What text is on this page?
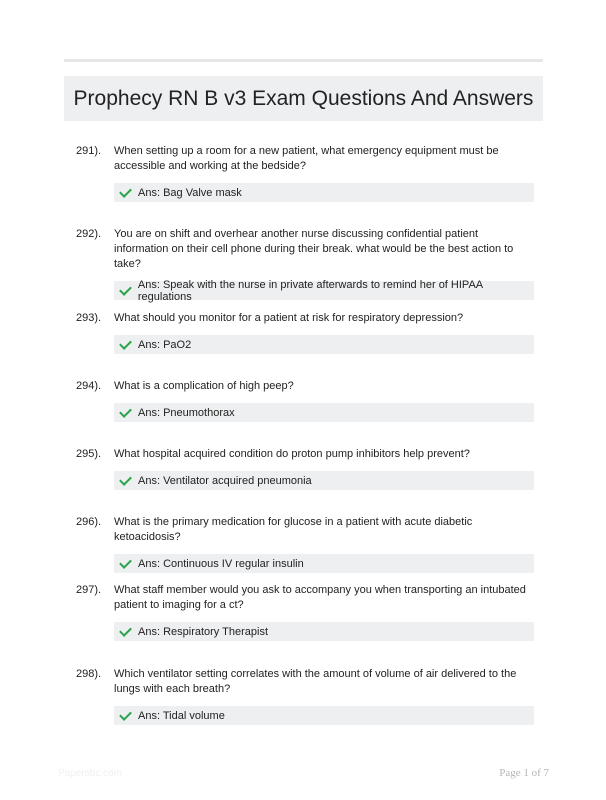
Prophecy RN B v3 Exam Questions And Answers
291).	When setting up a room for a new patient, what emergency equipment must be accessible and working at the bedside?
Ans: Bag Valve mask
292).	You are on shift and overhear another nurse discussing confidential patient information on their cell phone during their break. what would be the best action to take?
Ans: Speak with the nurse in private afterwards to remind her of HIPAA regulations
293).	What should you monitor for a patient at risk for respiratory depression?
Ans: PaO2
294).	What is a complication of high peep?
Ans: Pneumothorax
295).	What hospital acquired condition do proton pump inhibitors help prevent?
Ans: Ventilator acquired pneumonia
296).	What is the primary medication for glucose in a patient with acute diabetic ketoacidosis?
Ans: Continuous IV regular insulin
297).	What staff member would you ask to accompany you when transporting an intubated patient to imaging for a ct?
Ans: Respiratory Therapist
298).	Which ventilator setting correlates with the amount of volume of air delivered to the lungs with each breath?
Ans: Tidal volume
Papersbc.com	Page 1 of 7
